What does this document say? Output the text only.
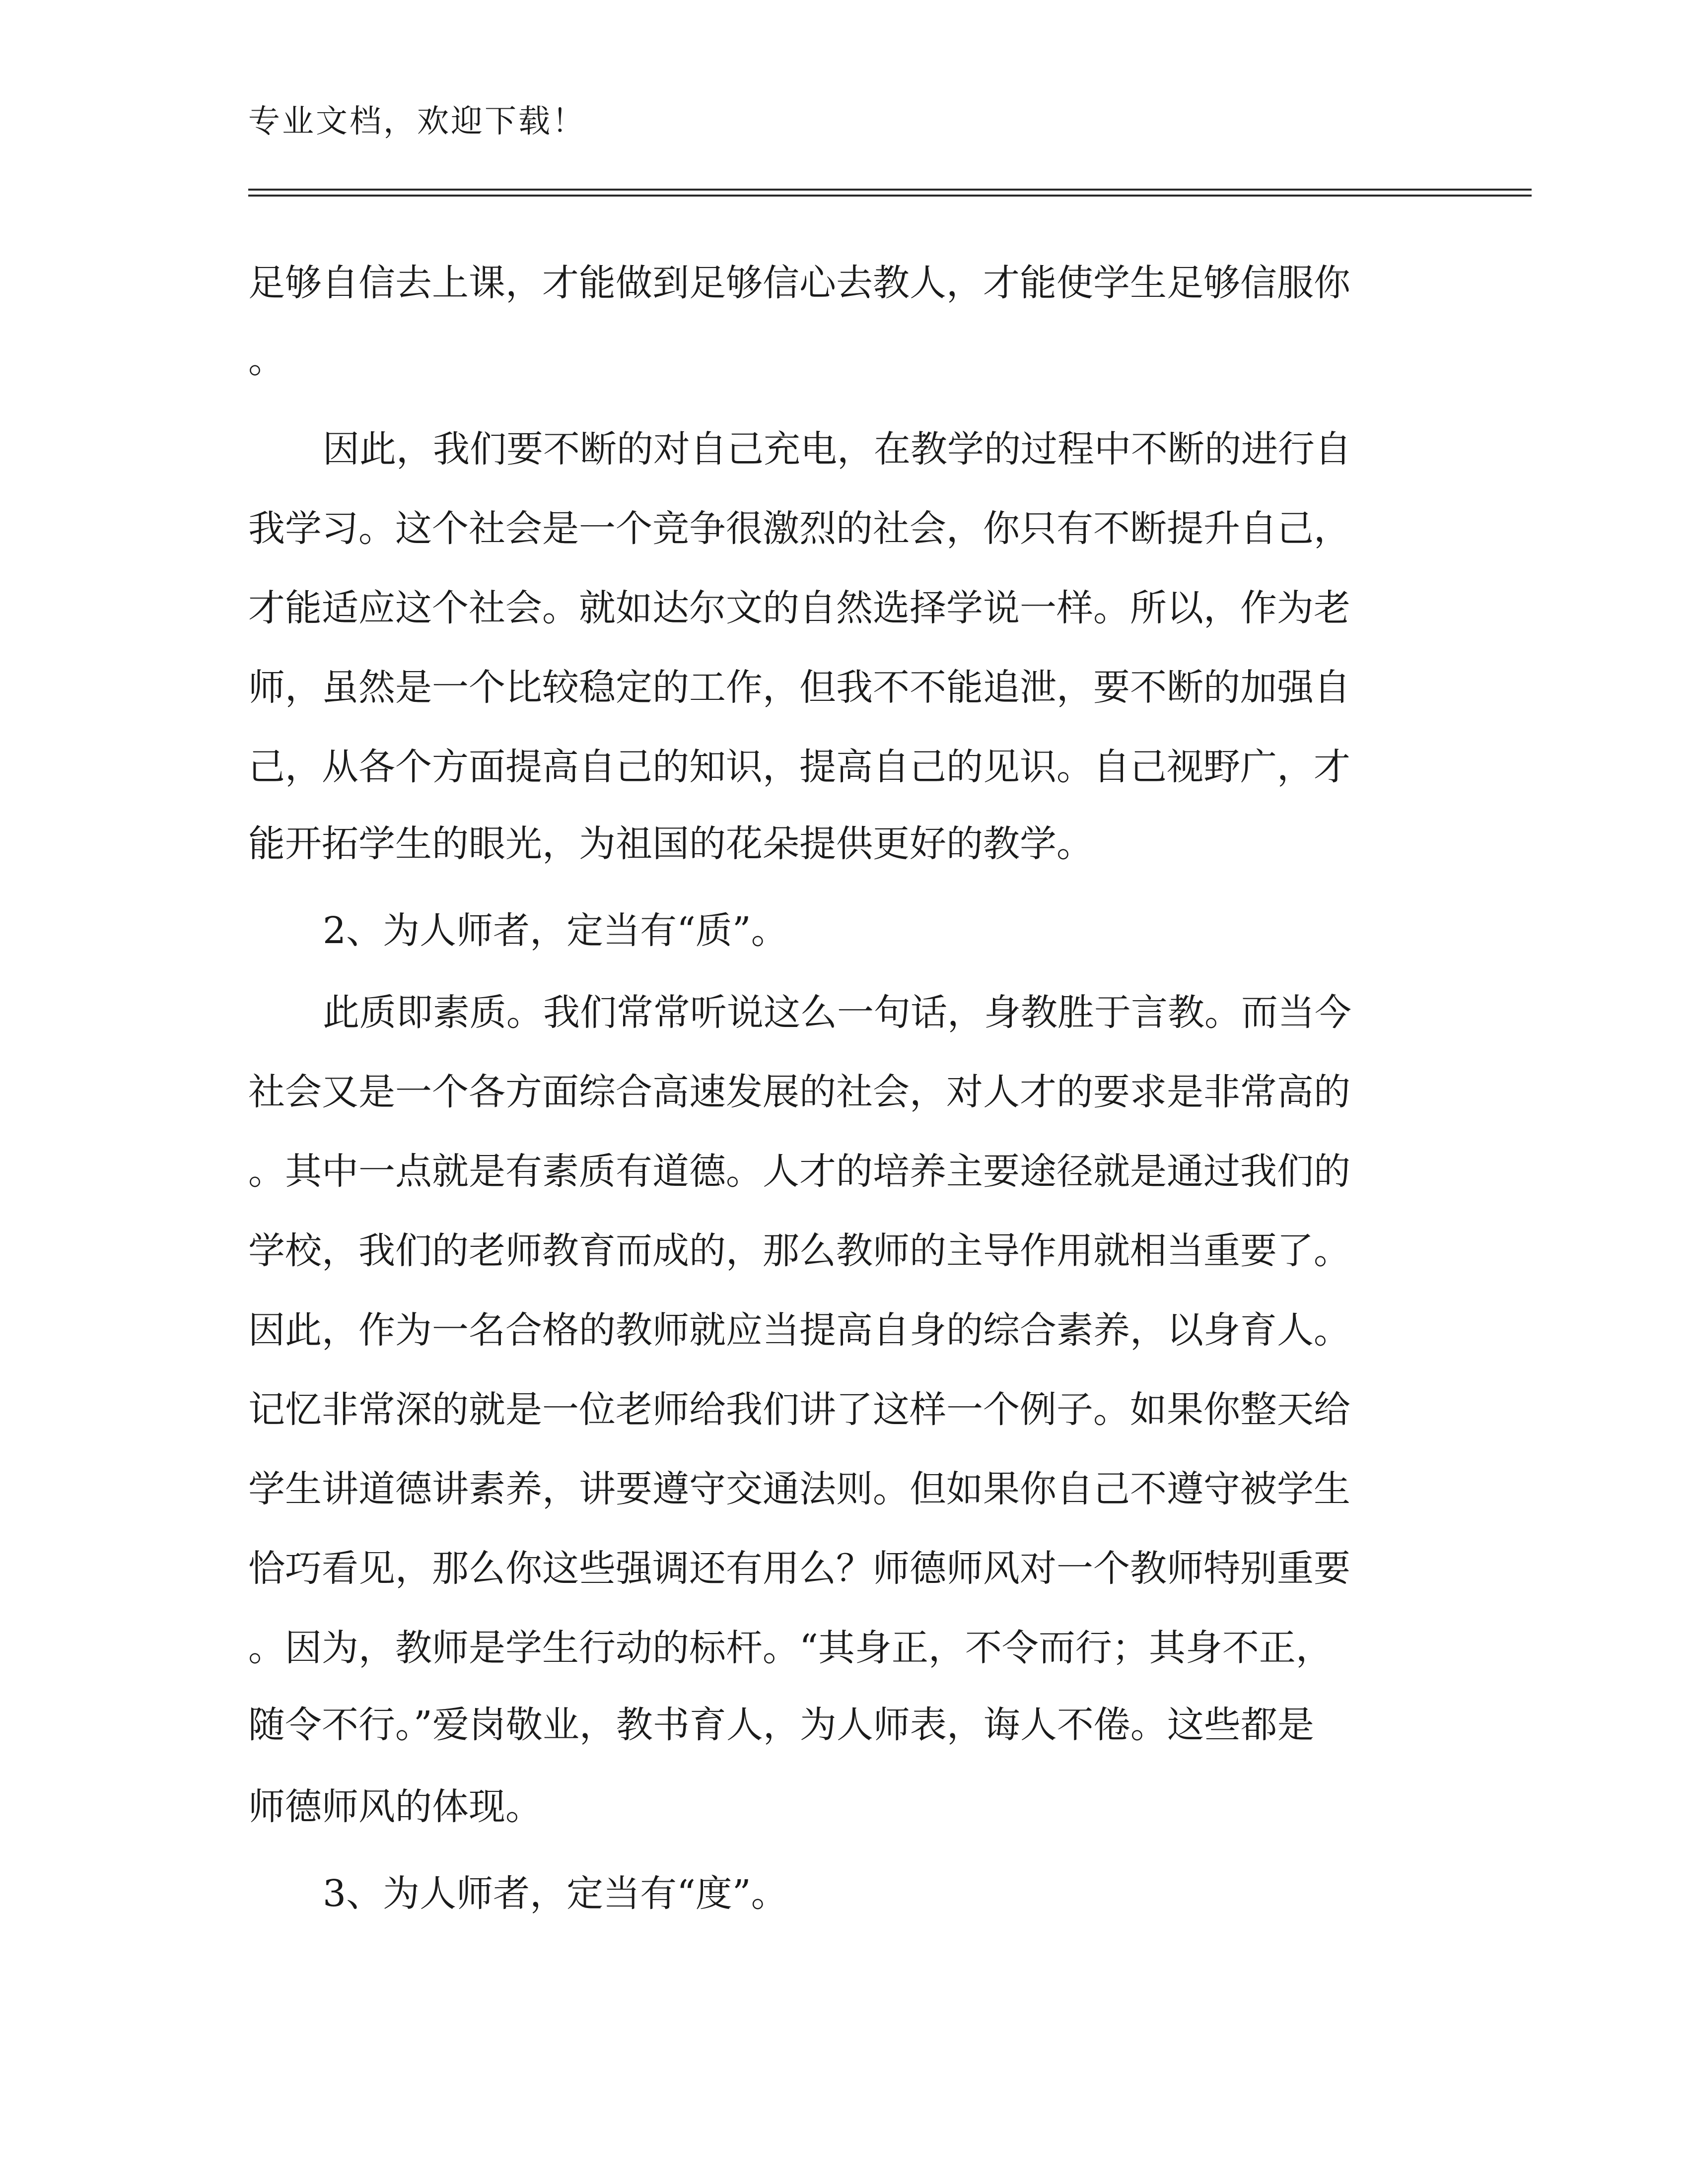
专业文档，欢迎下载！
足够自信去上课，才能做到足够信心去教人，才能使学生足够信服你
。
因此，我们要不断的对自己充电，在教学的过程中不断的进行自
我学习。这个社会是一个竞争很激烈的社会，你只有不断提升自己，
才能适应这个社会。就如达尔文的自然选择学说一样。所以，作为老
师，虽然是一个比较稳定的工作，但我不不能追泄，要不断的加强自
己，从各个方面提高自己的知识，提高自己的见识。自己视野广，才
能开拓学生的眼光，为祖国的花朵提供更好的教学。
2、为人师者，定当有“质”。
此质即素质。我们常常听说这么一句话，身教胜于言教。而当今
社会又是一个各方面综合高速发展的社会，对人才的要求是非常高的
。其中一点就是有素质有道德。人才的培养主要途径就是通过我们的
学校，我们的老师教育而成的，那么教师的主导作用就相当重要了。
因此，作为一名合格的教师就应当提高自身的综合素养，以身育人。
记忆非常深的就是一位老师给我们讲了这样一个例子。如果你整天给
学生讲道德讲素养，讲要遵守交通法则。但如果你自己不遵守被学生
恰巧看见，那么你这些强调还有用么？师德师风对一个教师特别重要
。因为，教师是学生行动的标杆。“其身正，不令而行；其身不正，
随令不行。”爱岗敬业，教书育人，为人师表，诲人不倦。这些都是
师德师风的体现。
3、为人师者，定当有“度”。
